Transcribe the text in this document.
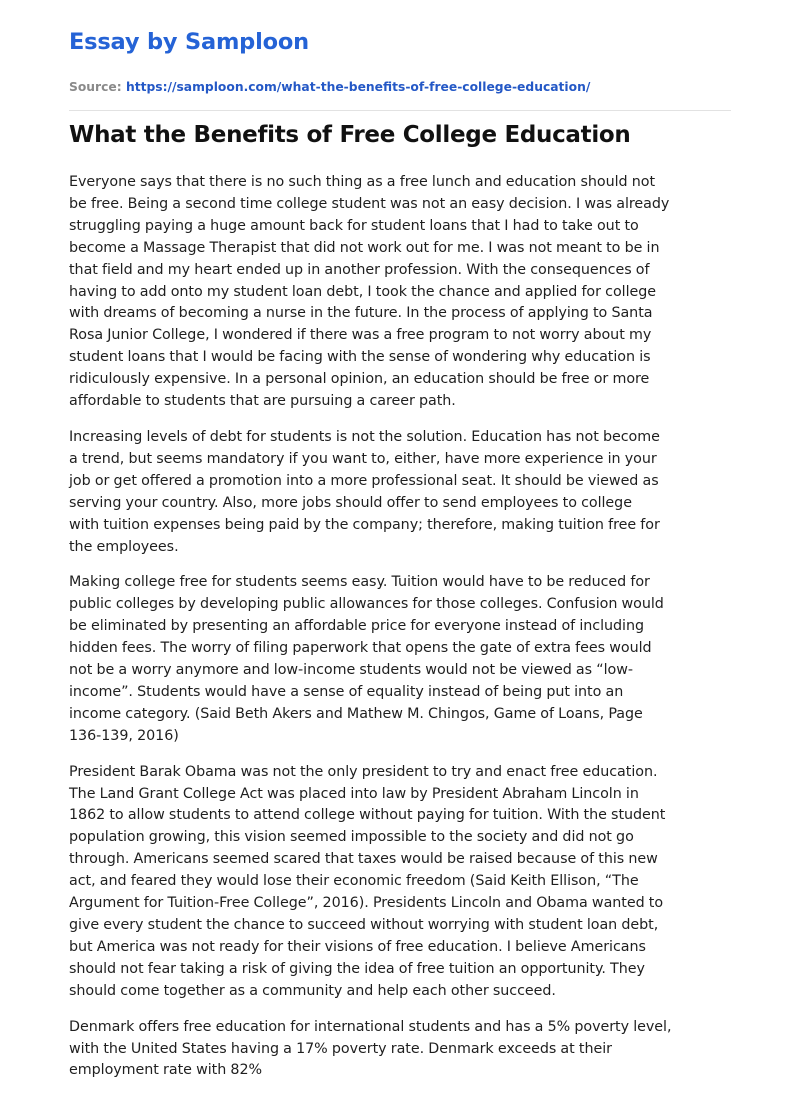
Essay by Samploon
Source: https://samploon.com/what-the-benefits-of-free-college-education/
What the Benefits of Free College Education

Everyone says that there is no such thing as a free lunch and education should not
be free. Being a second time college student was not an easy decision. I was already
struggling paying a huge amount back for student loans that I had to take out to
become a Massage Therapist that did not work out for me. I was not meant to be in
that field and my heart ended up in another profession. With the consequences of
having to add onto my student loan debt, I took the chance and applied for college
with dreams of becoming a nurse in the future. In the process of applying to Santa
Rosa Junior College, I wondered if there was a free program to not worry about my
student loans that I would be facing with the sense of wondering why education is
ridiculously expensive. In a personal opinion, an education should be free or more
affordable to students that are pursuing a career path.

Increasing levels of debt for students is not the solution. Education has not become
a trend, but seems mandatory if you want to, either, have more experience in your
job or get offered a promotion into a more professional seat. It should be viewed as
serving your country. Also, more jobs should offer to send employees to college
with tuition expenses being paid by the company; therefore, making tuition free for
the employees.

Making college free for students seems easy. Tuition would have to be reduced for
public colleges by developing public allowances for those colleges. Confusion would
be eliminated by presenting an affordable price for everyone instead of including
hidden fees. The worry of filing paperwork that opens the gate of extra fees would
not be a worry anymore and low-income students would not be viewed as “low-
income”. Students would have a sense of equality instead of being put into an
income category. (Said Beth Akers and Mathew M. Chingos, Game of Loans, Page
136-139, 2016)

President Barak Obama was not the only president to try and enact free education.
The Land Grant College Act was placed into law by President Abraham Lincoln in
1862 to allow students to attend college without paying for tuition. With the student
population growing, this vision seemed impossible to the society and did not go
through. Americans seemed scared that taxes would be raised because of this new
act, and feared they would lose their economic freedom (Said Keith Ellison, “The
Argument for Tuition-Free College”, 2016). Presidents Lincoln and Obama wanted to
give every student the chance to succeed without worrying with student loan debt,
but America was not ready for their visions of free education. I believe Americans
should not fear taking a risk of giving the idea of free tuition an opportunity. They
should come together as a community and help each other succeed.

Denmark offers free education for international students and has a 5% poverty level,
with the United States having a 17% poverty rate. Denmark exceeds at their
employment rate with 82%
